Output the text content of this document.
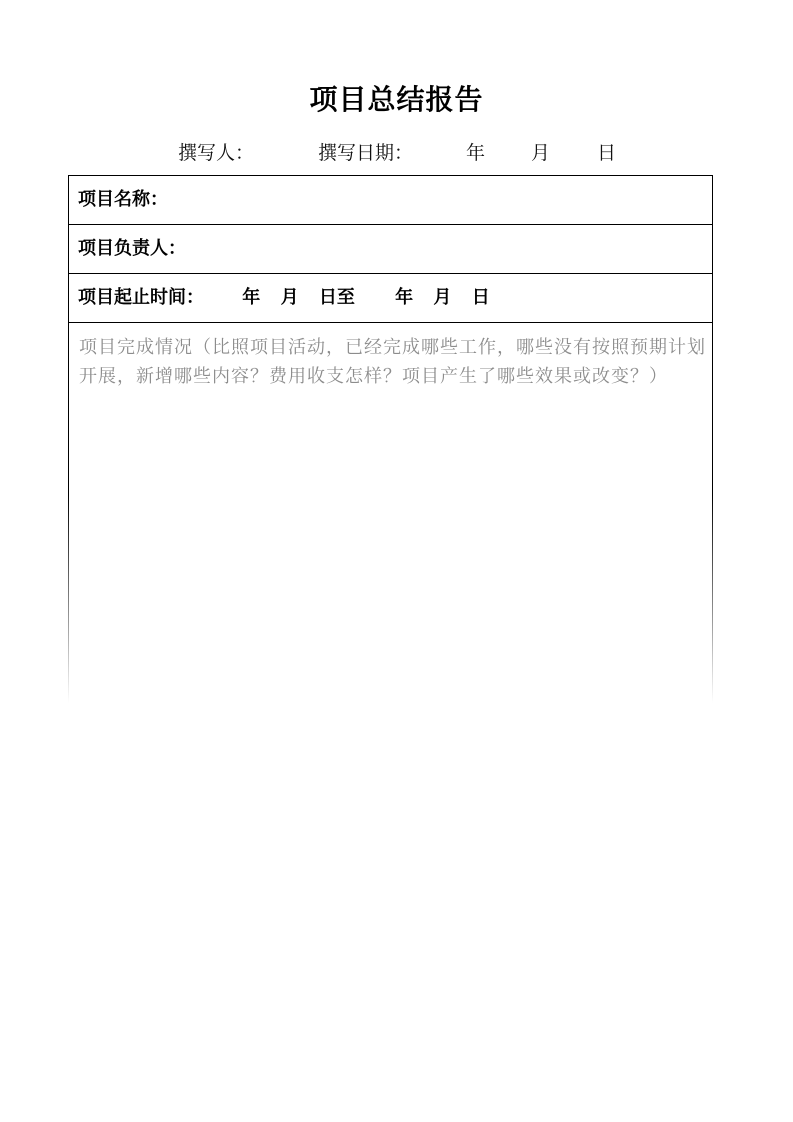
项目总结报告
撰写人：	撰写日期：	年 月 日
项目名称：
项目负责人：
项目起止时间： 年 月 日至 年 月 日
项目完成情况（比照项目活动，已经完成哪些工作，哪些没有按照预期计划开展，新增哪些内容？费用收支怎样？项目产生了哪些效果或改变？）
